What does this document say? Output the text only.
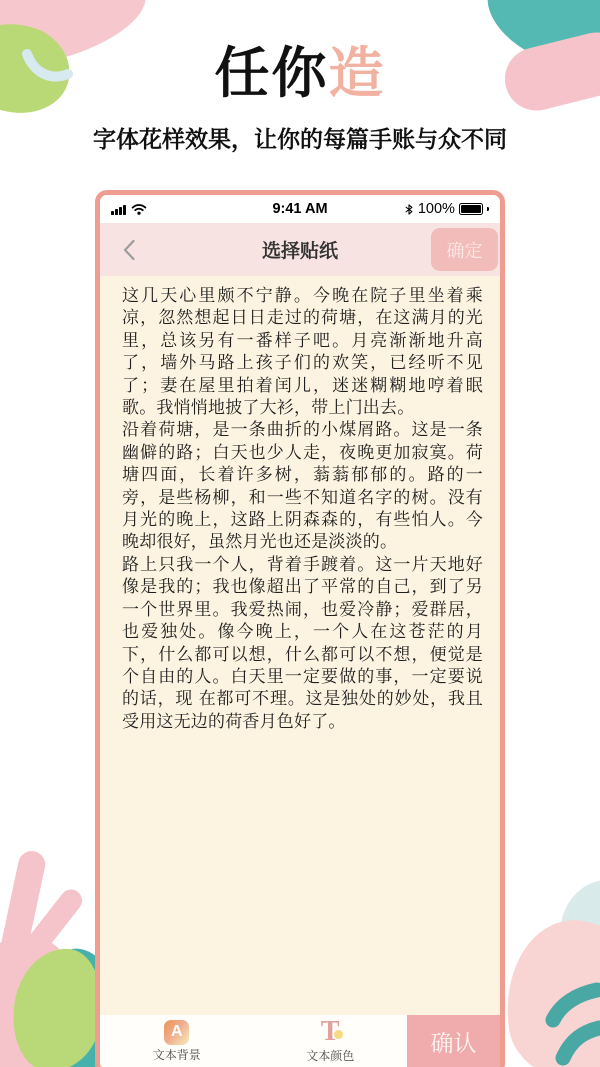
任你造
字体花样效果，让你的每篇手账与众不同
9:41 AM	100%
选择贴纸	确定

这几天心里颇不宁静。今晚在院子里坐着乘凉，忽然想起日日走过的荷塘，在这满月的光里，总该另有一番样子吧。月亮渐渐地升高了，墙外马路上孩子们的欢笑，已经听不见了；妻在屋里拍着闰儿，迷迷糊糊地哼着眠歌。我悄悄地披了大衫，带上门出去。

沿着荷塘，是一条曲折的小煤屑路。这是一条幽僻的路；白天也少人走，夜晚更加寂寞。荷塘四面，长着许多树，蓊蓊郁郁的。路的一旁，是些杨柳，和一些不知道名字的树。没有月光的晚上，这路上阴森森的，有些怕人。今晚却很好，虽然月光也还是淡淡的。

路上只我一个人，背着手踱着。这一片天地好像是我的；我也像超出了平常的自己，到了另一个世界里。我爱热闹，也爱冷静；爱群居，也爱独处。像今晚上，一个人在这苍茫的月下，什么都可以想，什么都可以不想，便觉是个自由的人。白天里一定要做的事，一定要说的话，现 在都可不理。这是独处的妙处，我且受用这无边的荷香月色好了。

A
文本背景
T
文本颜色	确认
